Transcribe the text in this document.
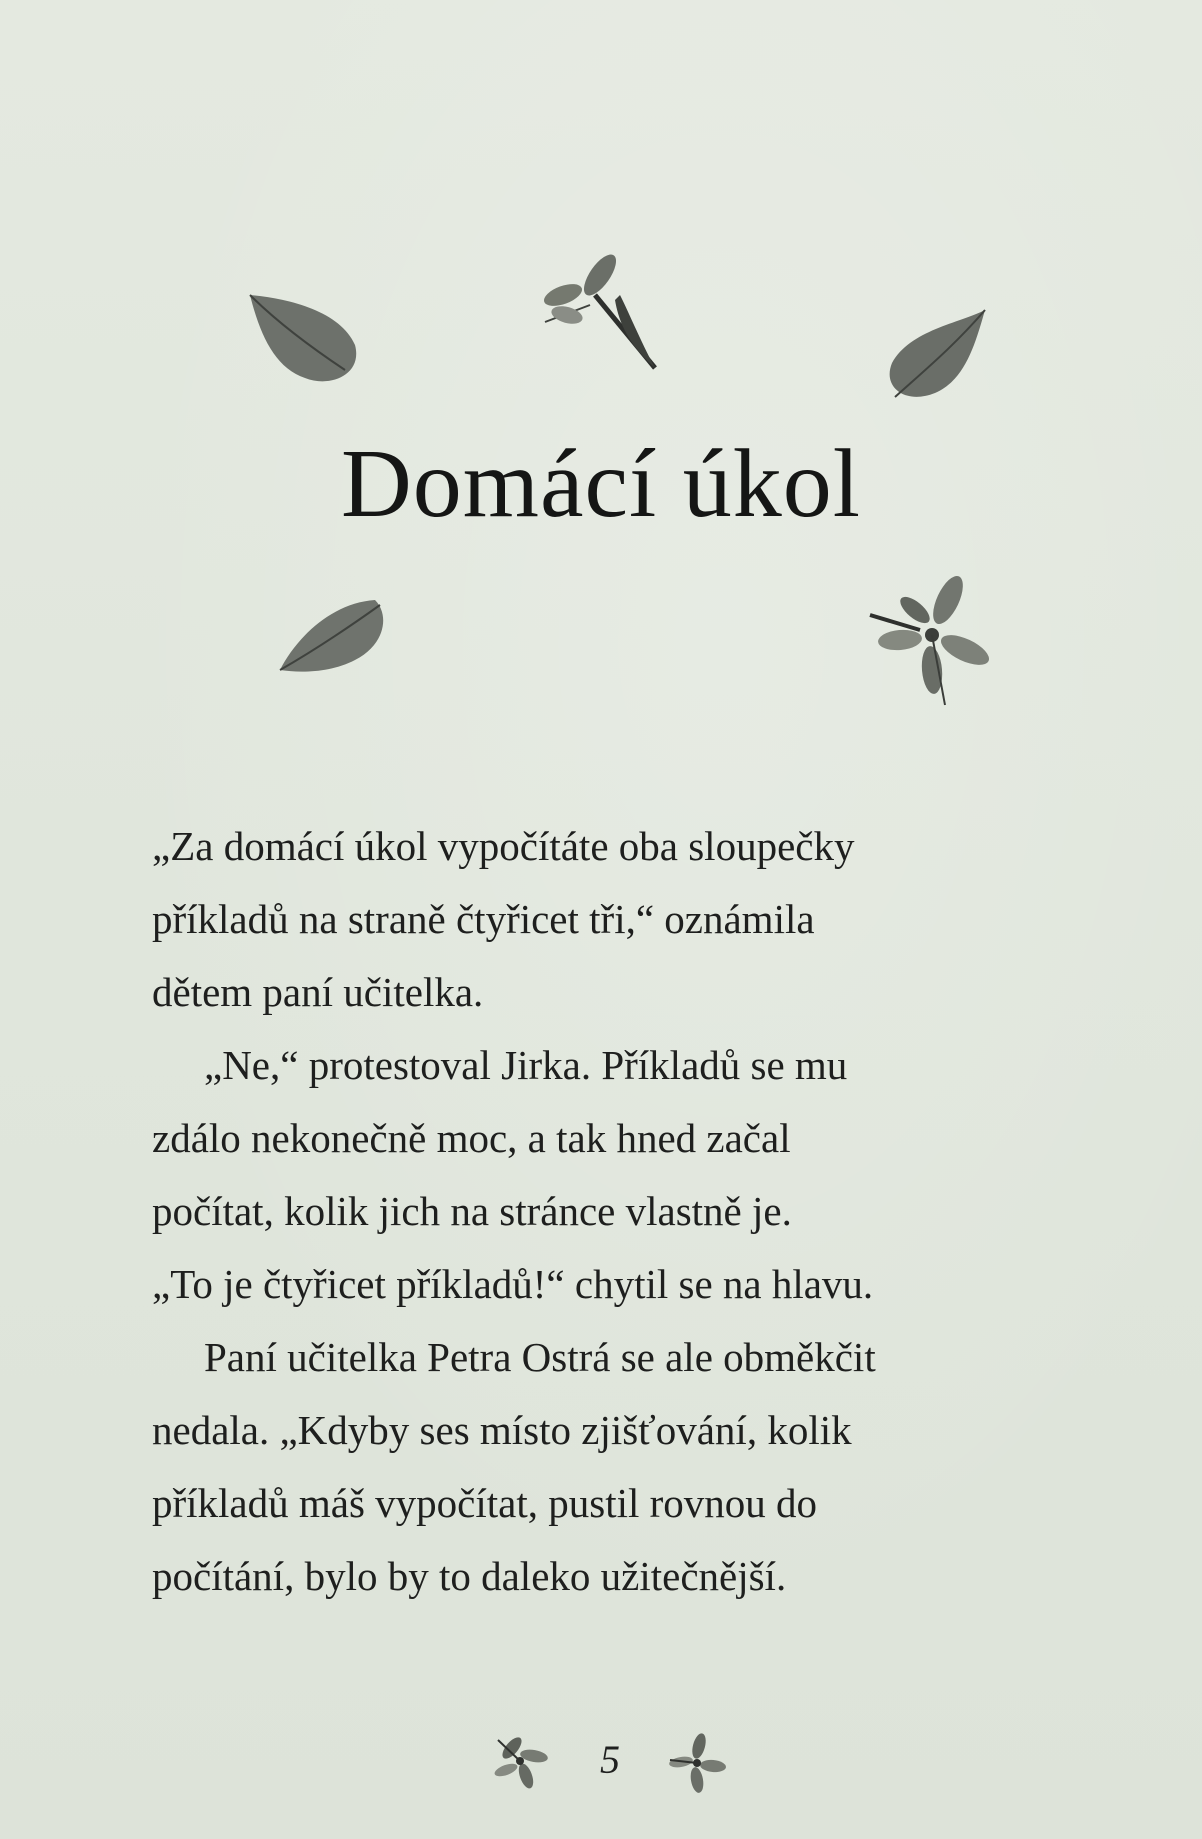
Domácí úkol

„Za domácí úkol vypočítáte oba sloupečky
příkladů na straně čtyřicet tři,“ oznámila
dětem paní učitelka.

„Ne,“ protestoval Jirka. Příkladů se mu
zdálo nekonečně moc, a tak hned začal
počítat, kolik jich na stránce vlastně je.
„To je čtyřicet příkladů!“ chytil se na hlavu.

Paní učitelka Petra Ostrá se ale obměkčit
nedala. „Kdyby ses místo zjišťování, kolik
příkladů máš vypočítat, pustil rovnou do
počítání, bylo by to daleko užitečnější.

5
